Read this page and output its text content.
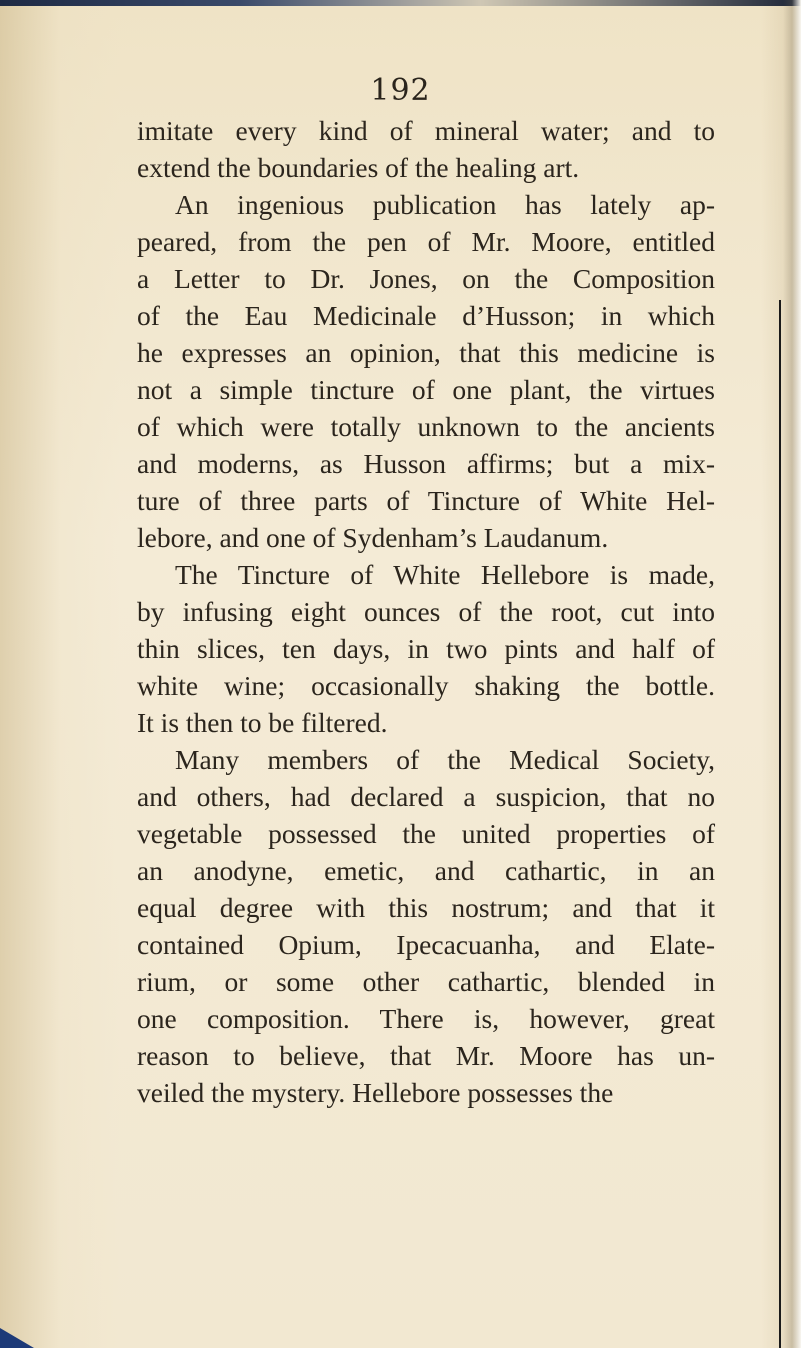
192
imitate every kind of mineral water; and to
extend the boundaries of the healing art.
An ingenious publication has lately ap-
peared, from the pen of Mr. Moore, entitled
a Letter to Dr. Jones, on the Composition
of the Eau Medicinale d’Husson; in which
he expresses an opinion, that this medicine is
not a simple tincture of one plant, the virtues
of which were totally unknown to the ancients
and moderns, as Husson affirms; but a mix-
ture of three parts of Tincture of White Hel-
lebore, and one of Sydenham’s Laudanum.
The Tincture of White Hellebore is made,
by infusing eight ounces of the root, cut into
thin slices, ten days, in two pints and half of
white wine; occasionally shaking the bottle.
It is then to be filtered.
Many members of the Medical Society,
and others, had declared a suspicion, that no
vegetable possessed the united properties of
an anodyne, emetic, and cathartic, in an
equal degree with this nostrum; and that it
contained Opium, Ipecacuanha, and Elate-
rium, or some other cathartic, blended in
one composition. There is, however, great
reason to believe, that Mr. Moore has un-
veiled the mystery. Hellebore possesses the
